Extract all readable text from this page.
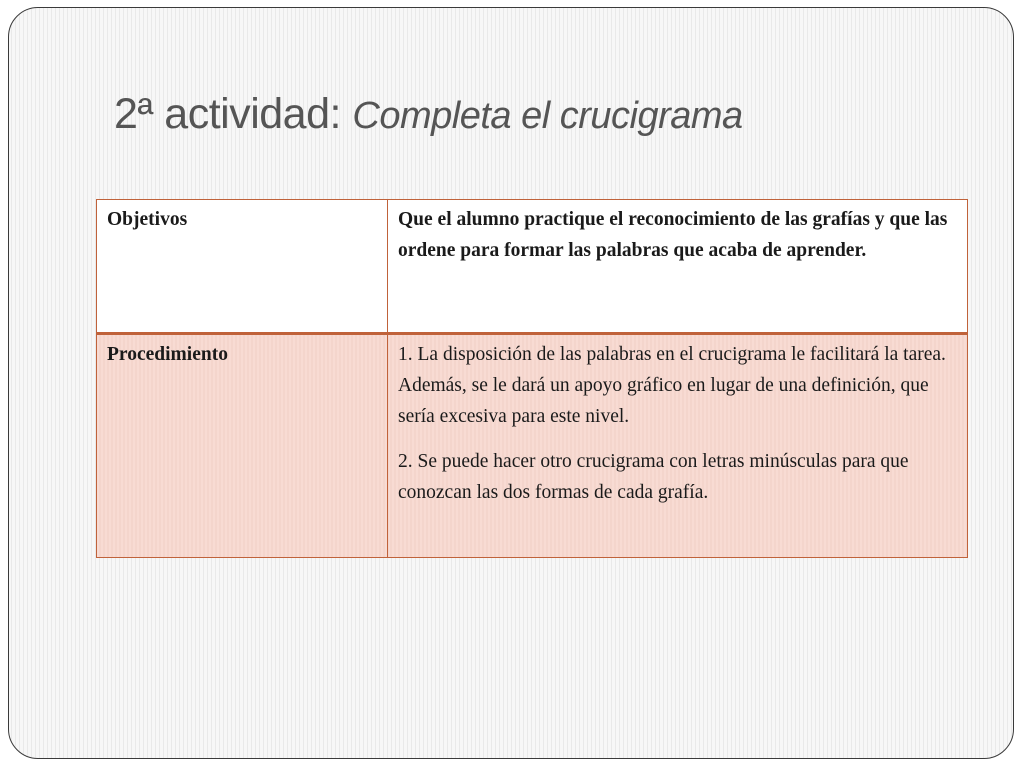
2ª actividad: Completa el crucigrama
Objetivos	Que el alumno practique el reconocimiento de las grafías y que las ordene para formar las palabras que acaba de aprender.
Procedimiento	1. La disposición de las palabras en el crucigrama le facilitará la tarea. Además, se le dará un apoyo gráfico en lugar de una definición, que sería excesiva para este nivel.

2. Se puede hacer otro crucigrama con letras minúsculas para que conozcan las dos formas de cada grafía.
